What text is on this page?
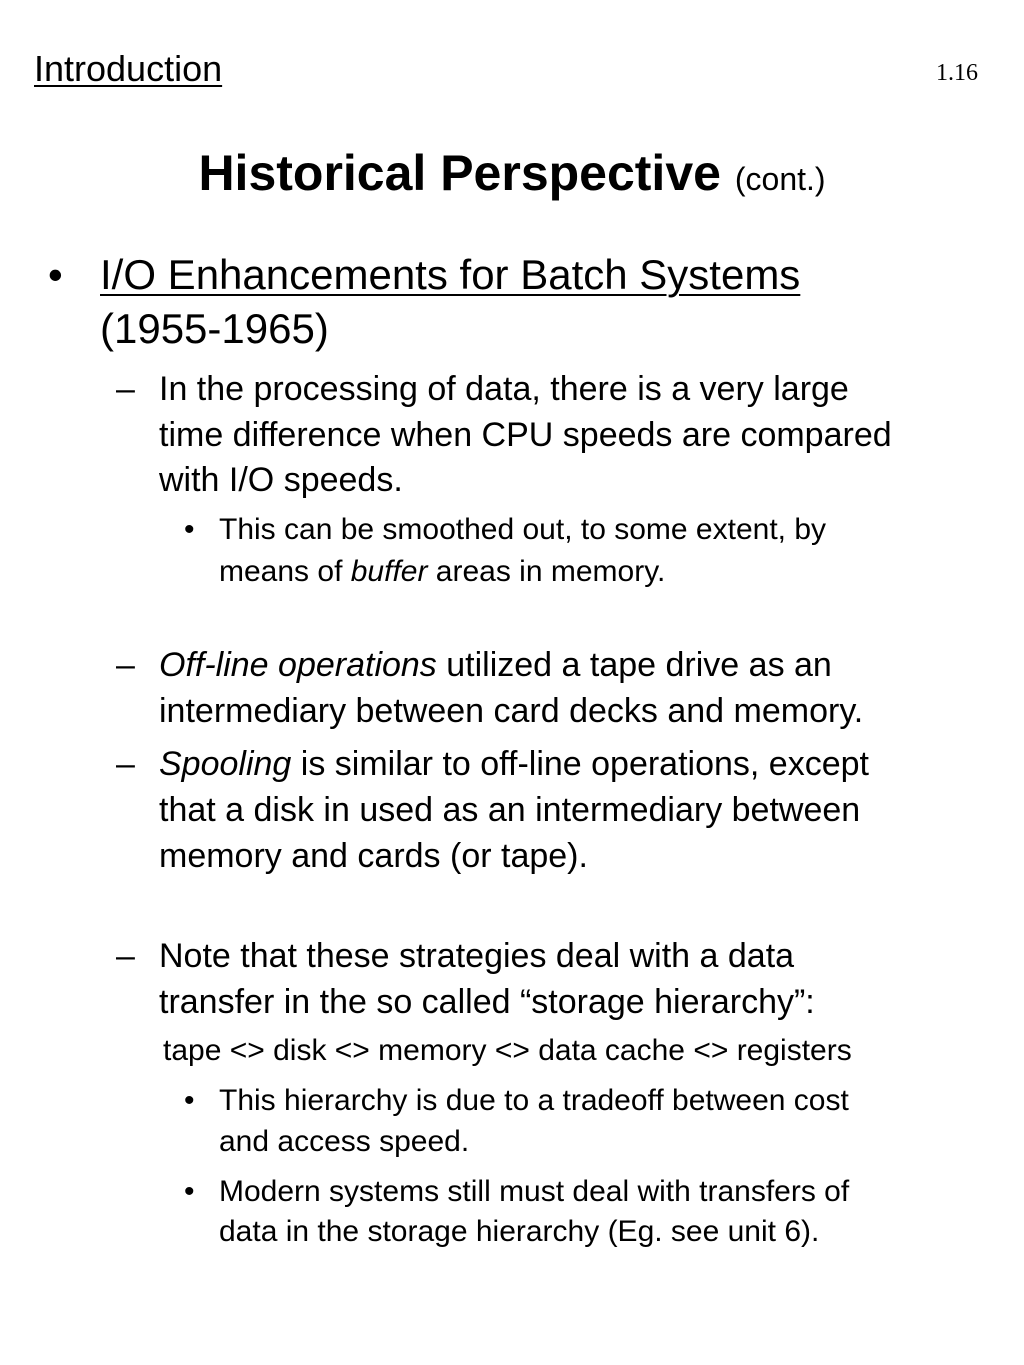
Introduction	1.16
Historical Perspective (cont.)
• I/O Enhancements for Batch Systems
(1955-1965)
– In the processing of data, there is a very large
time difference when CPU speeds are compared
with I/O speeds.
• This can be smoothed out, to some extent, by
means of buffer areas in memory.
– Off-line operations utilized a tape drive as an
intermediary between card decks and memory.
– Spooling is similar to off-line operations, except
that a disk in used as an intermediary between
memory and cards (or tape).
– Note that these strategies deal with a data
transfer in the so called “storage hierarchy”:
tape <> disk <> memory <> data cache <> registers
• This hierarchy is due to a tradeoff between cost
and access speed.
• Modern systems still must deal with transfers of
data in the storage hierarchy (Eg. see unit 6).
